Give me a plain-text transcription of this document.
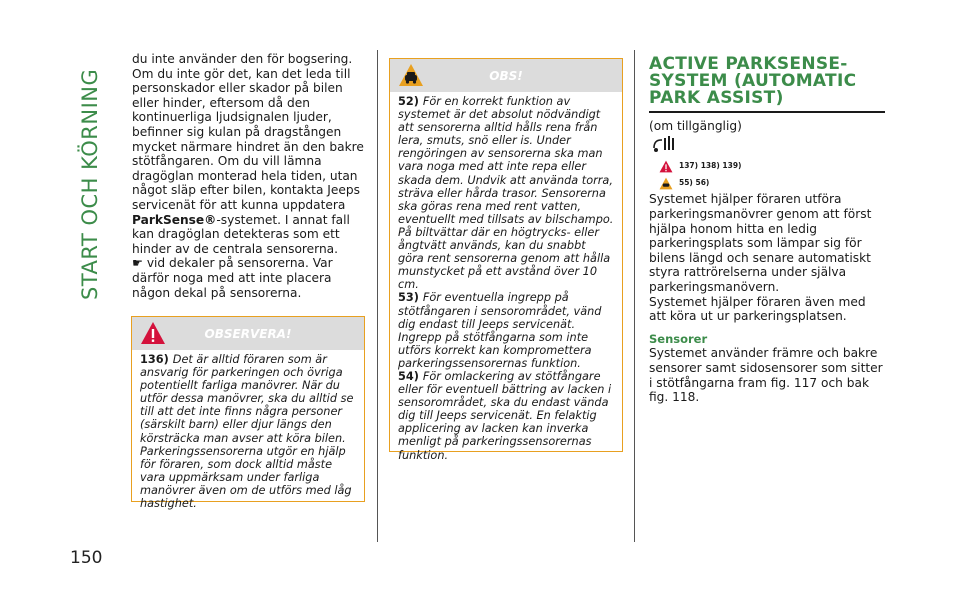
START OCH KÖRNING
150

du inte använder den för bogsering.

Om du inte gör det, kan det leda till personskador eller skador på bilen eller hinder, eftersom då den kontinuerliga ljudsignalen ljuder, befinner sig kulan på dragstången mycket närmare hindret än den bakre stötfångaren. Om du vill lämna dragöglan monterad hela tiden, utan något släp efter bilen, kontakta Jeeps servicenät för att kunna uppdatera ParkSense®-systemet. I annat fall kan dragöglan detekteras som ett hinder av de centrala sensorerna.

☛ vid dekaler på sensorerna. Var därför noga med att inte placera någon dekal på sensorerna.

OBSERVERA!

136) Det är alltid föraren som är ansvarig för parkeringen och övriga potentiellt farliga manövrer. När du utför dessa manövrer, ska du alltid se till att det inte finns några personer (särskilt barn) eller djur längs den körsträcka man avser att köra bilen. Parkeringssensorerna utgör en hjälp för föraren, som dock alltid måste vara uppmärksam under farliga manövrer även om de utförs med låg hastighet.

OBS!

52) För en korrekt funktion av systemet är det absolut nödvändigt att sensorerna alltid hålls rena från lera, smuts, snö eller is. Under rengöringen av sensorerna ska man vara noga med att inte repa eller skada dem. Undvik att använda torra, sträva eller hårda trasor. Sensorerna ska göras rena med rent vatten, eventuellt med tillsats av bilschampo. På biltvättar där en högtrycks- eller ångtvätt används, kan du snabbt göra rent sensorerna genom att hålla munstycket på ett avstånd över 10 cm.

53) För eventuella ingrepp på stötfångaren i sensorområdet, vänd dig endast till Jeeps servicenät. Ingrepp på stötfångarna som inte utförs korrekt kan kompromettera parkeringssensorernas funktion.

54) För omlackering av stötfångare eller för eventuell bättring av lacken i sensorområdet, ska du endast vända dig till Jeeps servicenät. En felaktig applicering av lacken kan inverka menligt på parkeringssensorernas funktion.

ACTIVE PARKSENSE-SYSTEM (AUTOMATIC PARK ASSIST)

(om tillgänglig)

137) 138) 139)
55) 56)

Systemet hjälper föraren utföra parkeringsmanövrer genom att först hjälpa honom hitta en ledig parkeringsplats som lämpar sig för bilens längd och senare automatiskt styra rattrörelserna under själva parkeringsmanövern.

Systemet hjälper föraren även med att köra ut ur parkeringsplatsen.

Sensorer

Systemet använder främre och bakre sensorer samt sidosensorer som sitter i stötfångarna fram fig. 117 och bak fig. 118.
